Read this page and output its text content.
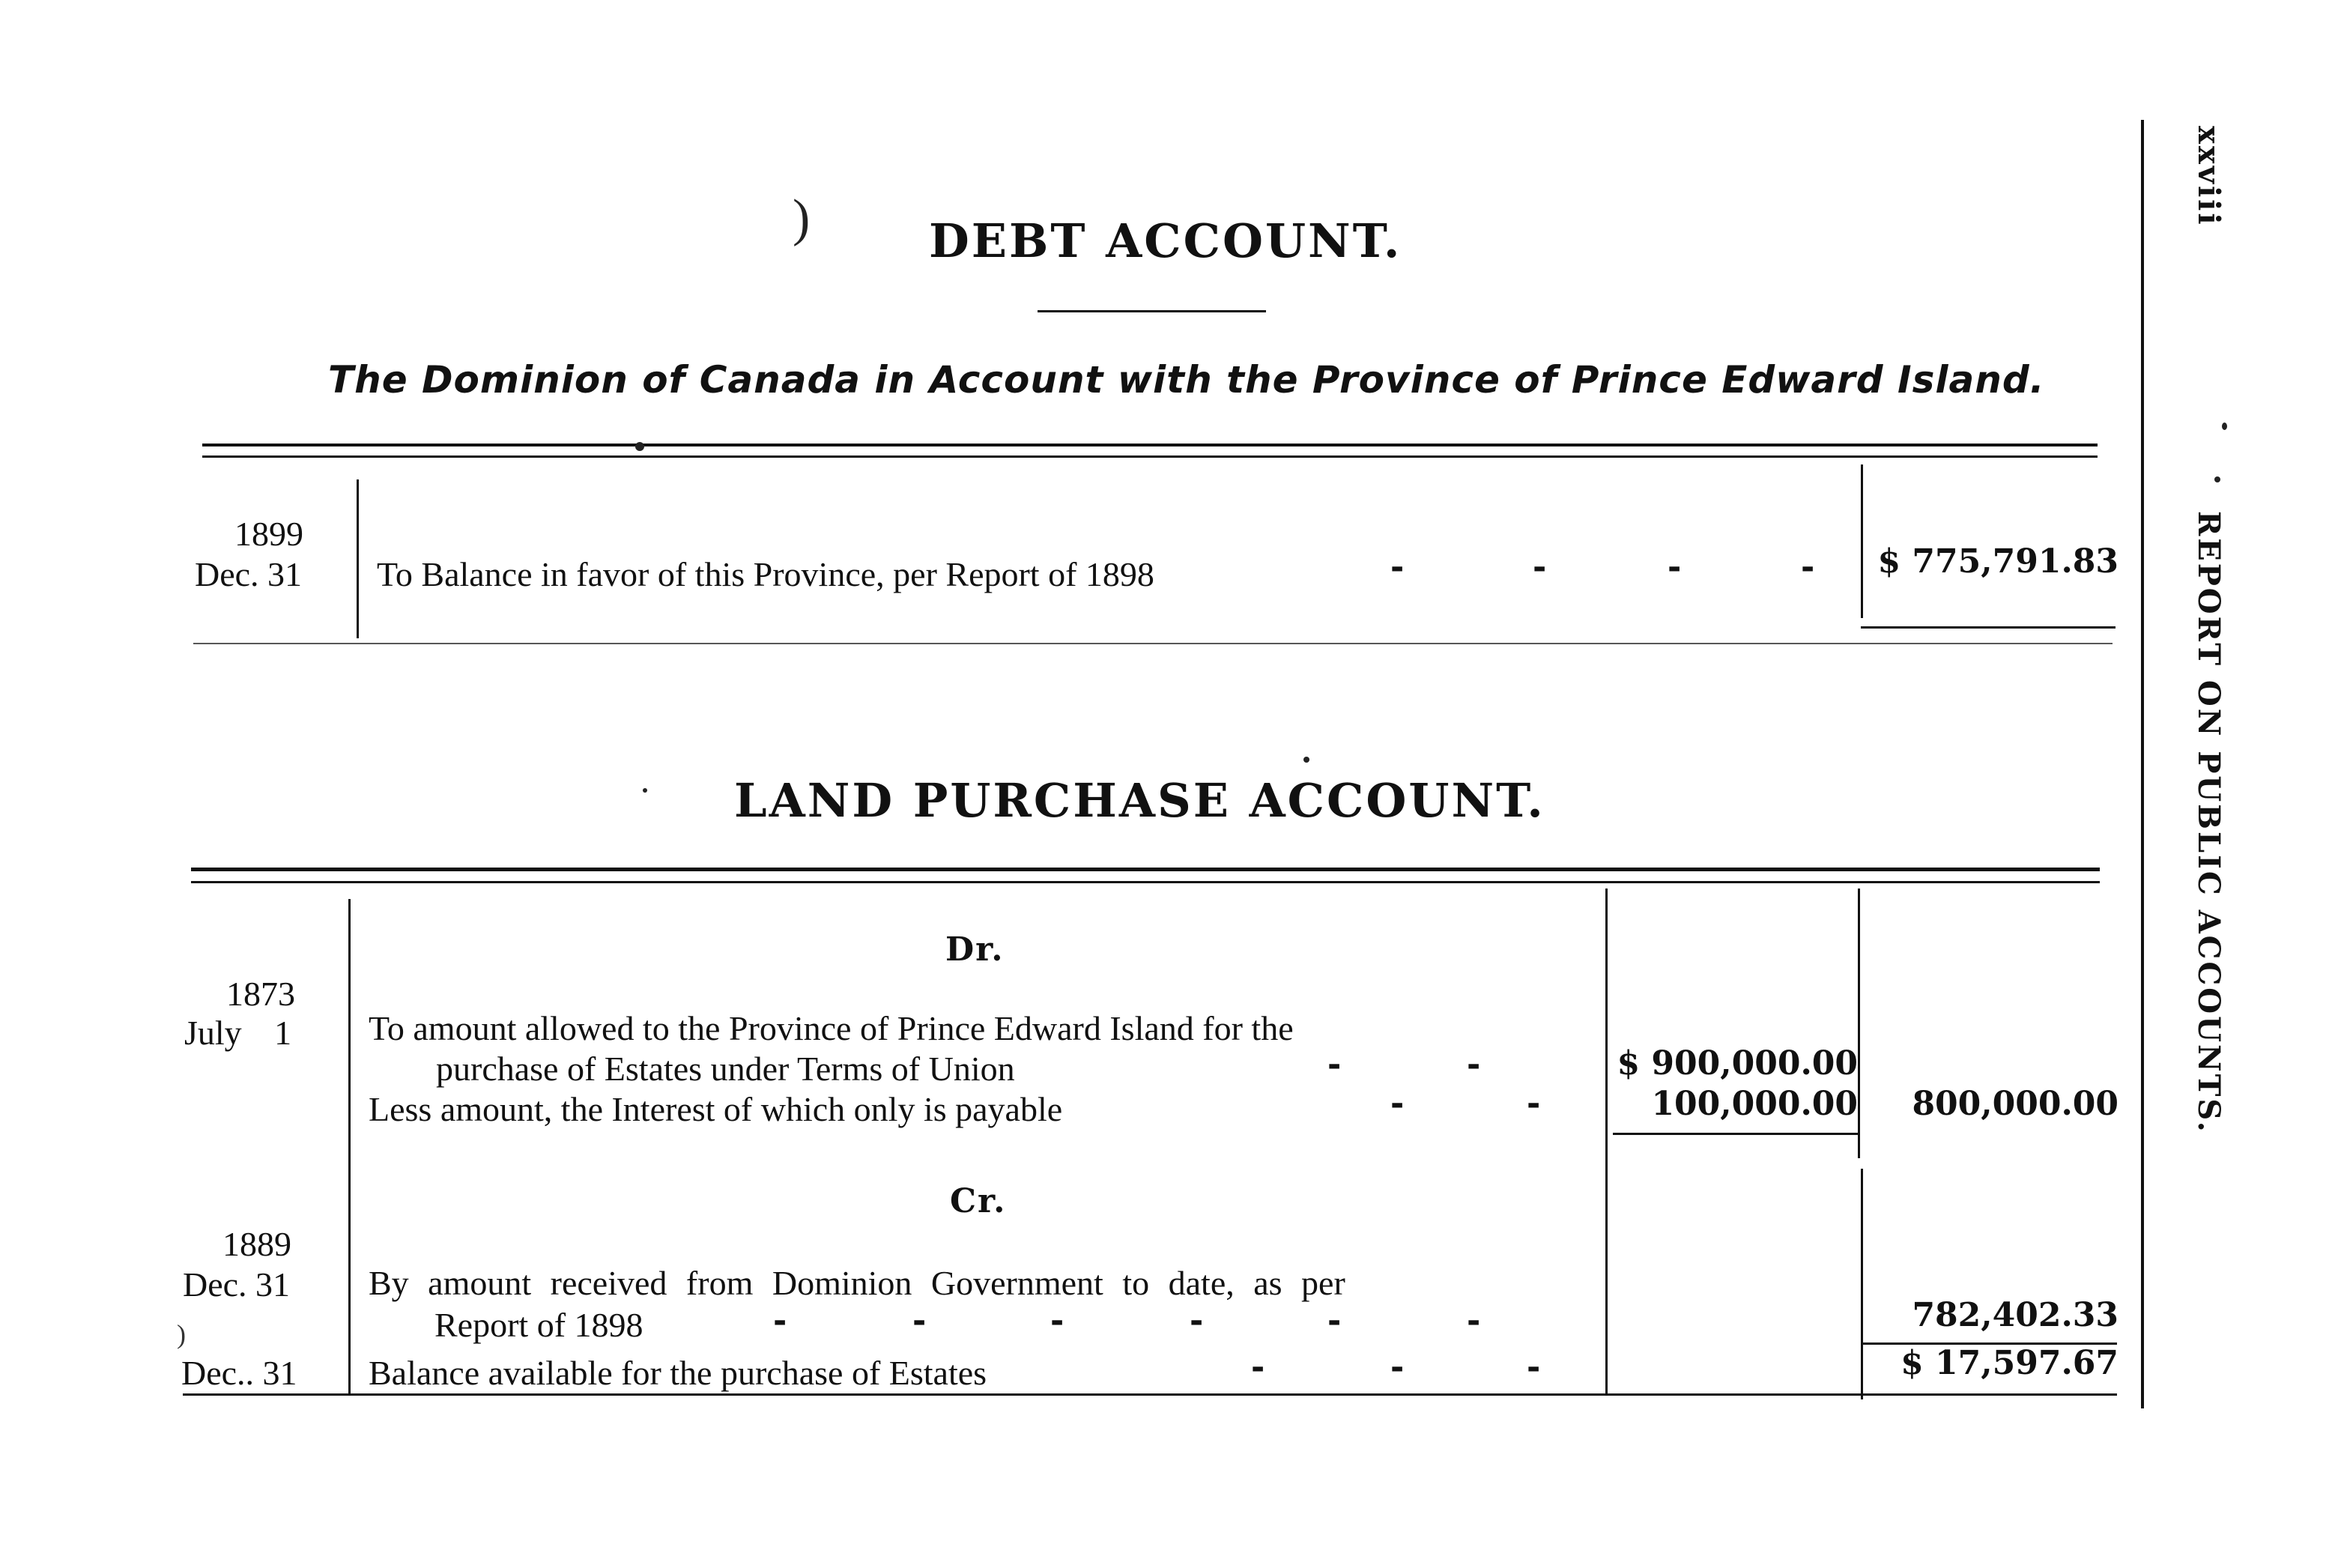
xxviii
REPORT ON PUBLIC ACCOUNTS.
DEBT ACCOUNT.
The Dominion of Canada in Account with the Province of Prince Edward Island.
1899
Dec. 31 To Balance in favor of this Province, per Report of 1898	-	-	-	- $ 775,791.83
LAND PURCHASE ACCOUNT.
Dr.
1873
July 1 To amount allowed to the Province of Prince Edward Island for the
purchase of Estates under Terms of Union	-	-	$ 900,000.00
Less amount, the Interest of which only is payable	-	-	100,000.00	800,000.00
Cr.
1889
Dec. 31 By amount received from Dominion Government to date, as per
Report of 1898	-	-	-	-	-	-	782,402.33
Dec.. 31 Balance available for the purchase of Estates	-	-	-	$ 17,597.67
)
)
